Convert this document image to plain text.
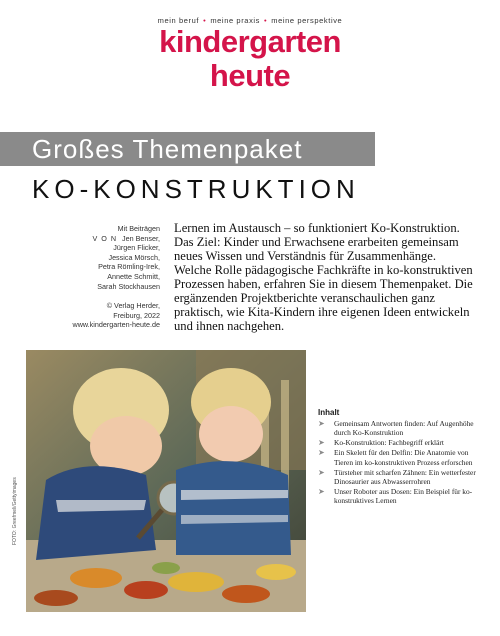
mein beruf • meine praxis • meine perspektive
kindergarten
heute
Großes Themenpaket
KO-KONSTRUKTION
Mit Beiträgen
VON Jen Benser,
Jürgen Flicker,
Jessica Mörsch,
Petra Römling-Irek,
Annette Schmitt,
Sarah Stockhausen
© Verlag Herder,
Freiburg, 2022
www.kindergarten-heute.de
Lernen im Austausch – so funktioniert Ko-Konstruktion. Das Ziel: Kinder und Erwachsene erarbeiten gemeinsam neues Wissen und Verständnis für Zusammenhänge. Welche Rolle pädagogische Fachkräfte in ko-konstruktiven Prozessen haben, erfahren Sie in diesem Themenpaket. Die ergänzenden Projektberichte veranschaulichen ganz praktisch, wie Kita-Kindern ihre eigenen Ideen entwickeln und ihnen nachgehen.
FOTO: Greefmeli/Gettyimages
Inhalt
➤ Gemeinsam Antworten finden: Auf Augenhöhe durch Ko-Konstruktion
➤ Ko-Konstruktion: Fachbegriff erklärt
➤ Ein Skelett für den Delfin: Die Anatomie von Tieren im ko-konstruktiven Prozess erforschen
➤ Türsteher mit scharfen Zähnen: Ein wetterfester Dinosaurier aus Abwasserrohren
➤ Unser Roboter aus Dosen: Ein Beispiel für ko-konstruktives Lernen
